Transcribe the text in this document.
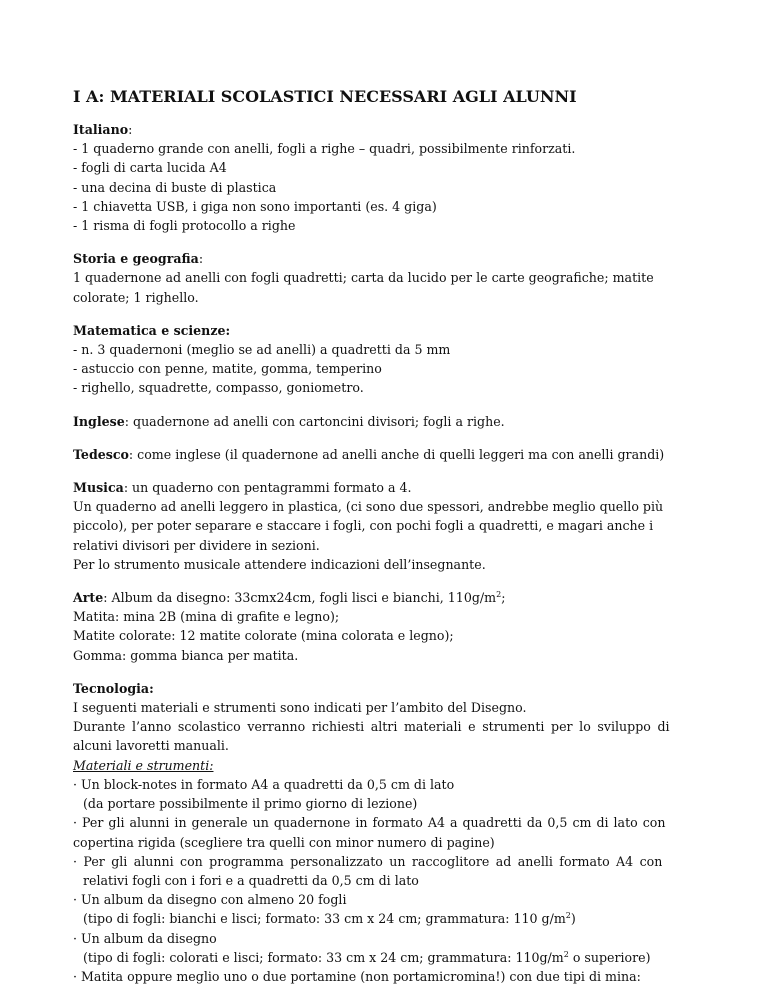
I A: MATERIALI SCOLASTICI NECESSARI AGLI ALUNNI
Italiano:
- 1 quaderno grande con anelli, fogli a righe – quadri, possibilmente rinforzati.
- fogli di carta lucida A4
- una decina di buste di plastica
- 1 chiavetta USB, i giga non sono importanti (es. 4 giga)
- 1 risma di fogli protocollo a righe
Storia e geografia:
1 quadernone ad anelli con fogli quadretti; carta da lucido per le carte geografiche; matite
colorate; 1 righello.
Matematica e scienze:
- n. 3 quadernoni (meglio se ad anelli) a quadretti da 5 mm
- astuccio con penne, matite, gomma, temperino
- righello, squadrette, compasso, goniometro.
Inglese: quadernone ad anelli con cartoncini divisori; fogli a righe.
Tedesco: come inglese (il quadernone ad anelli anche di quelli leggeri ma con anelli grandi)
Musica: un quaderno con pentagrammi formato a 4.
Un quaderno ad anelli leggero in plastica, (ci sono due spessori, andrebbe meglio quello più
piccolo), per poter separare e staccare i fogli, con pochi fogli a quadretti, e magari anche i
relativi divisori per dividere in sezioni.
Per lo strumento musicale attendere indicazioni dell’insegnante.
Arte: Album da disegno: 33cmx24cm, fogli lisci e bianchi, $110g/m^2$;
Matita: mina 2B (mina di grafite e legno);
Matite colorate: 12 matite colorate (mina colorata e legno);
Gomma: gomma bianca per matita.
Tecnologia:
I seguenti materiali e strumenti sono indicati per l’ambito del Disegno.
Durante l’anno scolastico verranno richiesti altri materiali e strumenti per lo sviluppo di
alcuni lavoretti manuali.
Materiali e strumenti:
· Un block-notes in formato A4 a quadretti da 0,5 cm di lato
(da portare possibilmente il primo giorno di lezione)
· Per gli alunni in generale un quadernone in formato A4 a quadretti da 0,5 cm di lato con
copertina rigida (scegliere tra quelli con minor numero di pagine)
· Per gli alunni con programma personalizzato un raccoglitore ad anelli formato A4 con
relativi fogli con i fori e a quadretti da 0,5 cm di lato
· Un album da disegno con almeno 20 fogli
(tipo di fogli: bianchi e lisci; formato: 33 cm x 24 cm; grammatura: 110 $g/m^2$)
· Un album da disegno
(tipo di fogli: colorati e lisci; formato: 33 cm x 24 cm; grammatura: $110g/m^2$ o superiore)
· Matita oppure meglio uno o due portamine (non portamicromina!) con due tipi di mina:
